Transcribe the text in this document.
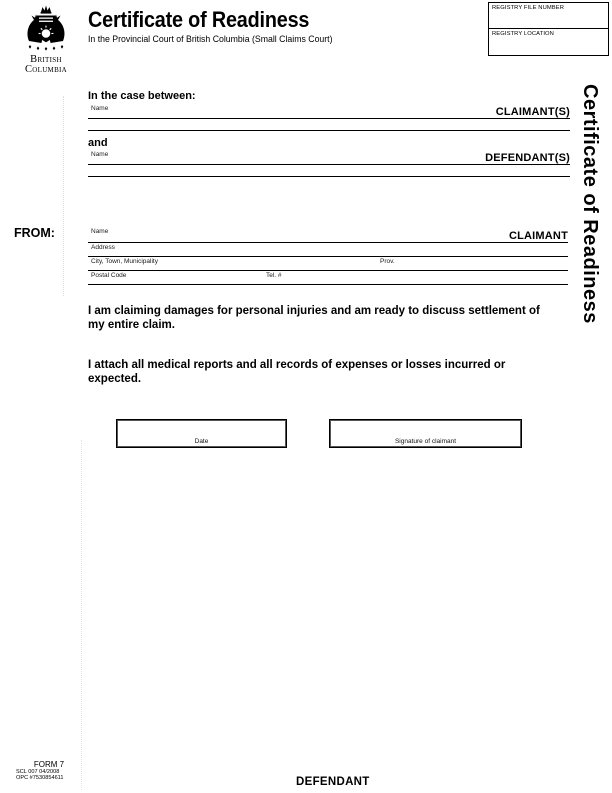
British
Columbia
Certificate of Readiness
In the Provincial Court of British Columbia (Small Claims Court)
REGISTRY FILE NUMBER
REGISTRY LOCATION
Certificate of Readiness
In the case between:
Name	CLAIMANT(S)
and
Name	DEFENDANT(S)
FROM:	Name	CLAIMANT
Address
City, Town, Municipality	Prov.
Postal Code	Tel. #
I am claiming damages for personal injuries and am ready to discuss settlement of my entire claim.
I attach all medical reports and all records of expenses or losses incurred or expected.
Date	Signature of claimant
FORM 7
SCL 007 04/2008
OPC #7530854611	DEFENDANT
